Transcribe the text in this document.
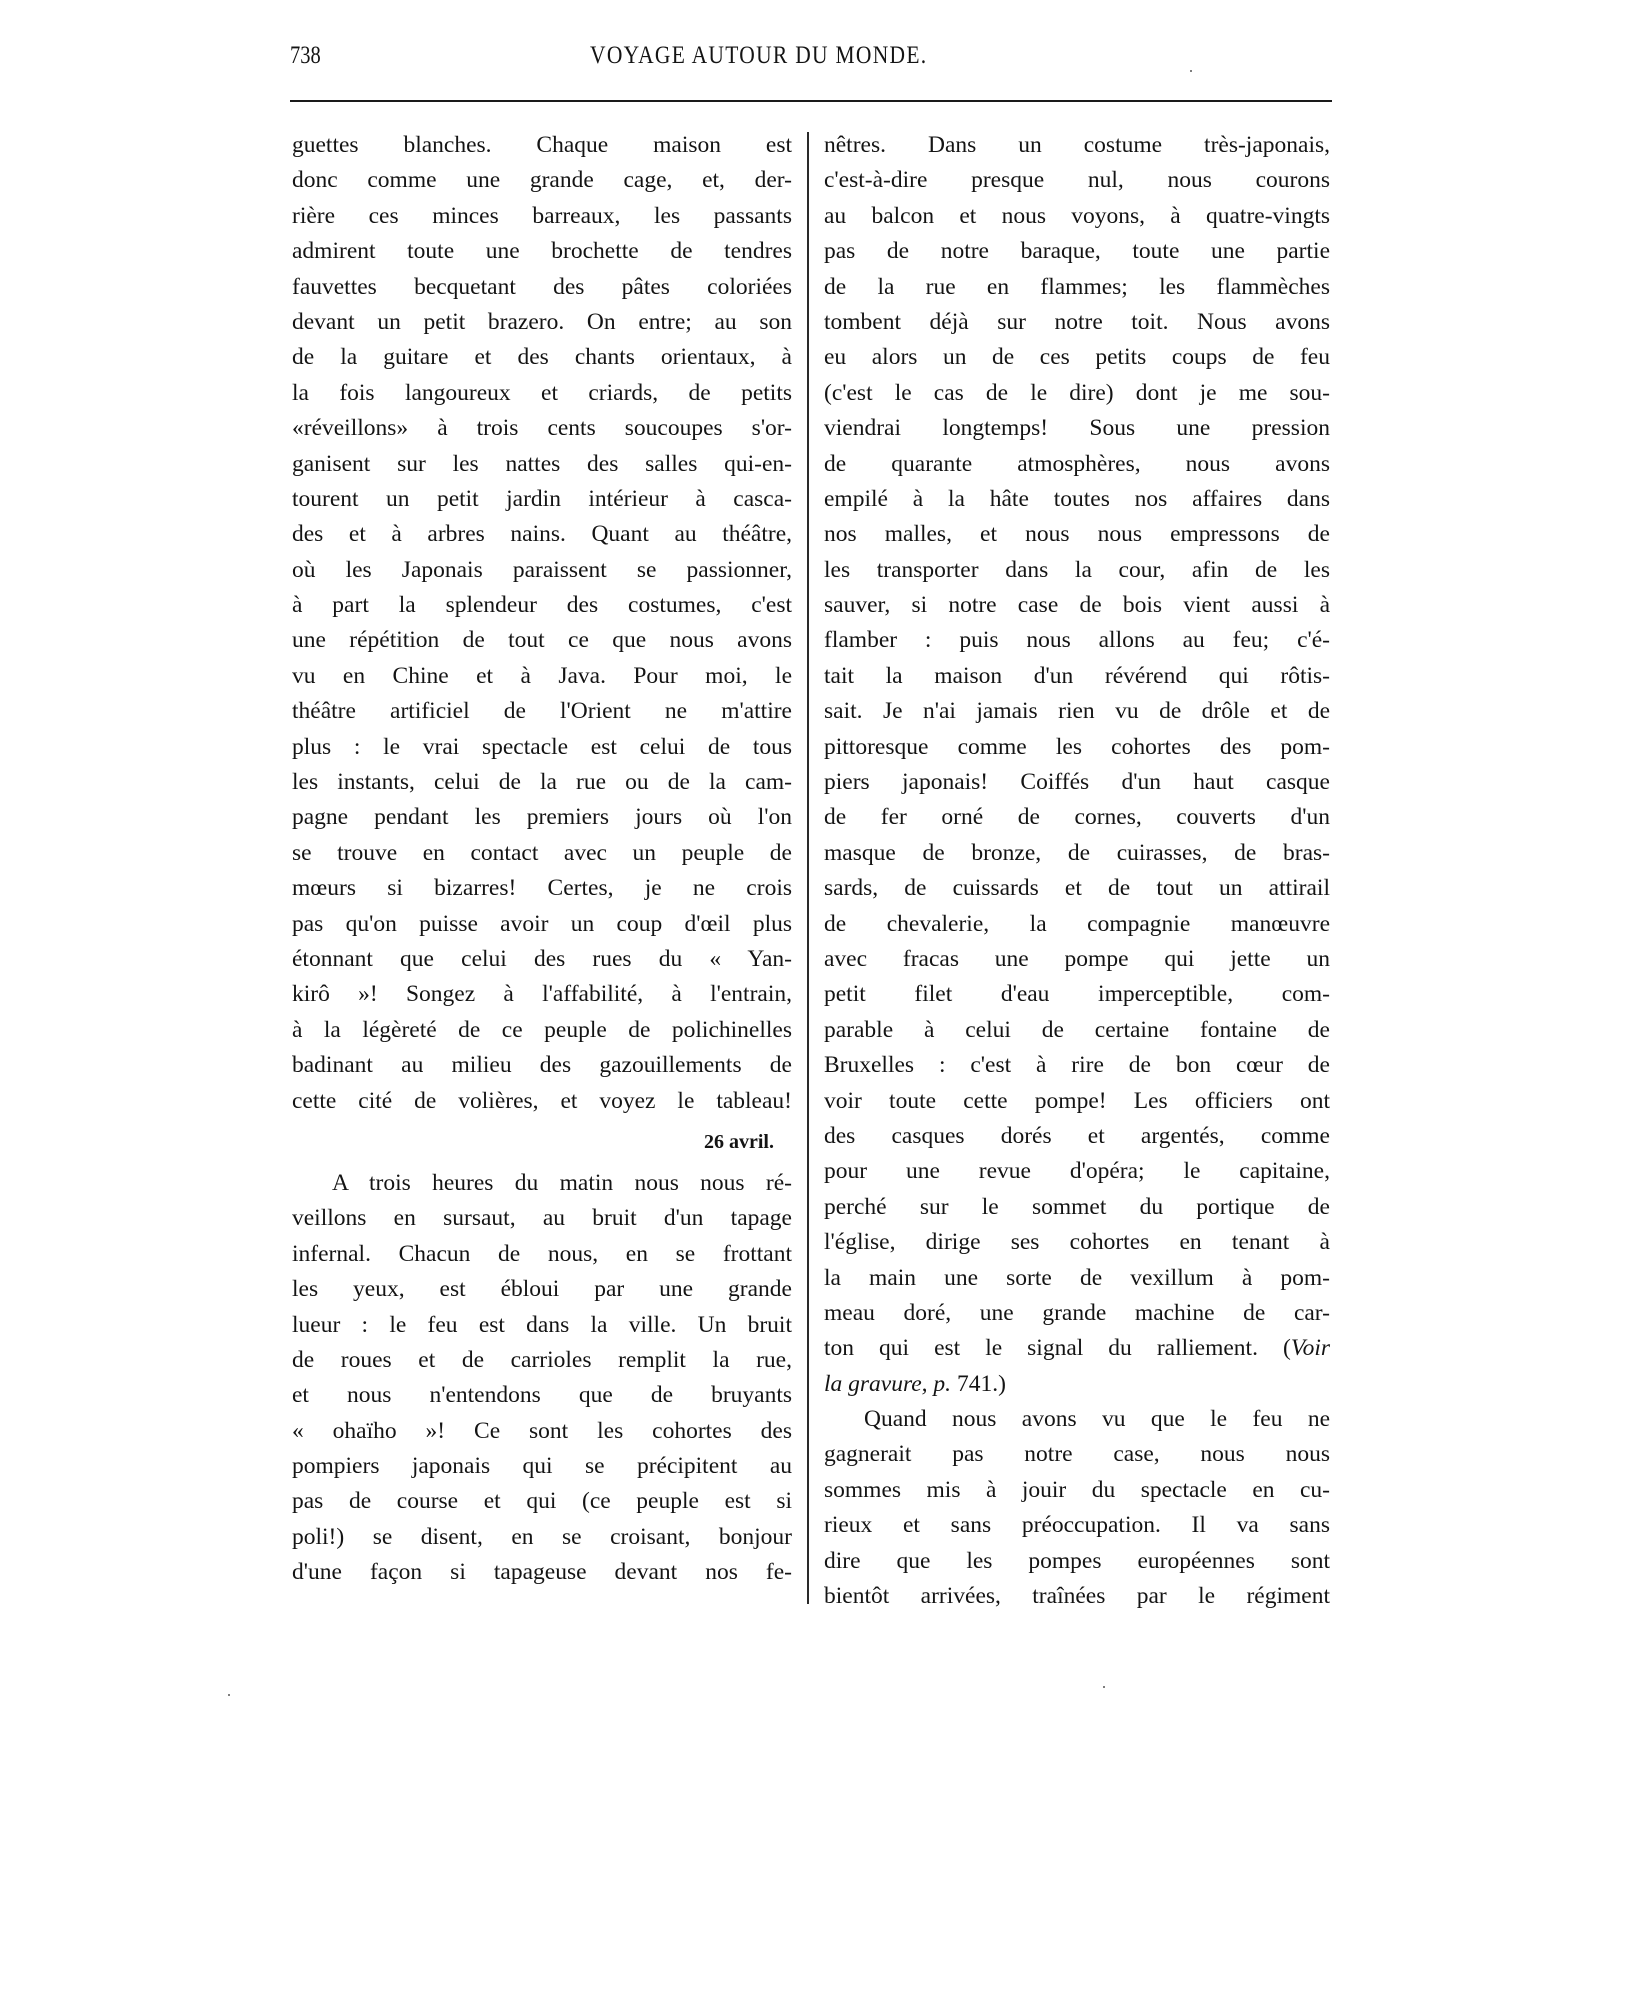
738	VOYAGE AUTOUR DU MONDE.
guettes blanches. Chaque maison est
donc comme une grande cage, et, der-
rière ces minces barreaux, les passants
admirent toute une brochette de tendres
fauvettes becquetant des pâtes coloriées
devant un petit brazero. On entre; au son
de la guitare et des chants orientaux, à
la fois langoureux et criards, de petits
«réveillons» à trois cents soucoupes s'or-
ganisent sur les nattes des salles qui-en-
tourent un petit jardin intérieur à casca-
des et à arbres nains. Quant au théâtre,
où les Japonais paraissent se passionner,
à part la splendeur des costumes, c'est
une répétition de tout ce que nous avons
vu en Chine et à Java. Pour moi, le
théâtre artificiel de l'Orient ne m'attire
plus : le vrai spectacle est celui de tous
les instants, celui de la rue ou de la cam-
pagne pendant les premiers jours où l'on
se trouve en contact avec un peuple de
mœurs si bizarres! Certes, je ne crois
pas qu'on puisse avoir un coup d'œil plus
étonnant que celui des rues du « Yan-
kirô »! Songez à l'affabilité, à l'entrain,
à la légèreté de ce peuple de polichinelles
badinant au milieu des gazouillements de
cette cité de volières, et voyez le tableau!
26 avril.
A trois heures du matin nous nous ré-
veillons en sursaut, au bruit d'un tapage
infernal. Chacun de nous, en se frottant
les yeux, est ébloui par une grande
lueur : le feu est dans la ville. Un bruit
de roues et de carrioles remplit la rue,
et nous n'entendons que de bruyants
« ohaïho »! Ce sont les cohortes des
pompiers japonais qui se précipitent au
pas de course et qui (ce peuple est si
poli!) se disent, en se croisant, bonjour
d'une façon si tapageuse devant nos fe-
nêtres. Dans un costume très-japonais,
c'est-à-dire presque nul, nous courons
au balcon et nous voyons, à quatre-vingts
pas de notre baraque, toute une partie
de la rue en flammes; les flammèches
tombent déjà sur notre toit. Nous avons
eu alors un de ces petits coups de feu
(c'est le cas de le dire) dont je me sou-
viendrai longtemps! Sous une pression
de quarante atmosphères, nous avons
empilé à la hâte toutes nos affaires dans
nos malles, et nous nous empressons de
les transporter dans la cour, afin de les
sauver, si notre case de bois vient aussi à
flamber : puis nous allons au feu; c'é-
tait la maison d'un révérend qui rôtis-
sait. Je n'ai jamais rien vu de drôle et de
pittoresque comme les cohortes des pom-
piers japonais! Coiffés d'un haut casque
de fer orné de cornes, couverts d'un
masque de bronze, de cuirasses, de bras-
sards, de cuissards et de tout un attirail
de chevalerie, la compagnie manœuvre
avec fracas une pompe qui jette un
petit filet d'eau imperceptible, com-
parable à celui de certaine fontaine de
Bruxelles : c'est à rire de bon cœur de
voir toute cette pompe! Les officiers ont
des casques dorés et argentés, comme
pour une revue d'opéra; le capitaine,
perché sur le sommet du portique de
l'église, dirige ses cohortes en tenant à
la main une sorte de vexillum à pom-
meau doré, une grande machine de car-
ton qui est le signal du ralliement. (Voir
la gravure, p. 741.)
Quand nous avons vu que le feu ne
gagnerait pas notre case, nous nous
sommes mis à jouir du spectacle en cu-
rieux et sans préoccupation. Il va sans
dire que les pompes européennes sont
bientôt arrivées, traînées par le régiment
